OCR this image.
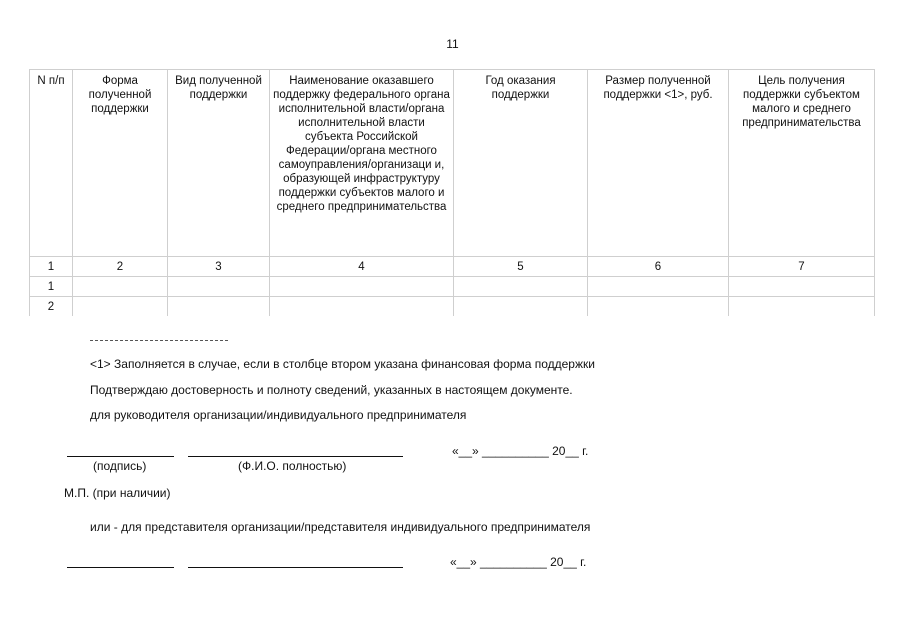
11
N п/п	Форма полученной поддержки	Вид полученной поддержки	Наименование оказавшего поддержку федерального органа исполнительной власти/органа исполнительной власти субъекта Российской Федерации/органа местного самоуправления/организаци и, образующей инфраструктуру поддержки субъектов малого и среднего предпринимательства	Год оказания поддержки	Размер полученной поддержки <1>, руб.	Цель получения поддержки субъектом малого и среднего предпринимательства
1	2	3	4	5	6	7
1						
2						
<1> Заполняется в случае, если в столбце втором указана финансовая форма поддержки
Подтверждаю достоверность и полноту сведений, указанных в настоящем документе.
для руководителя организации/индивидуального предпринимателя
«__» __________ 20__ г.
(подпись)	(Ф.И.О. полностью)
М.П. (при наличии)
или - для представителя организации/представителя индивидуального предпринимателя
«__» __________ 20__ г.
